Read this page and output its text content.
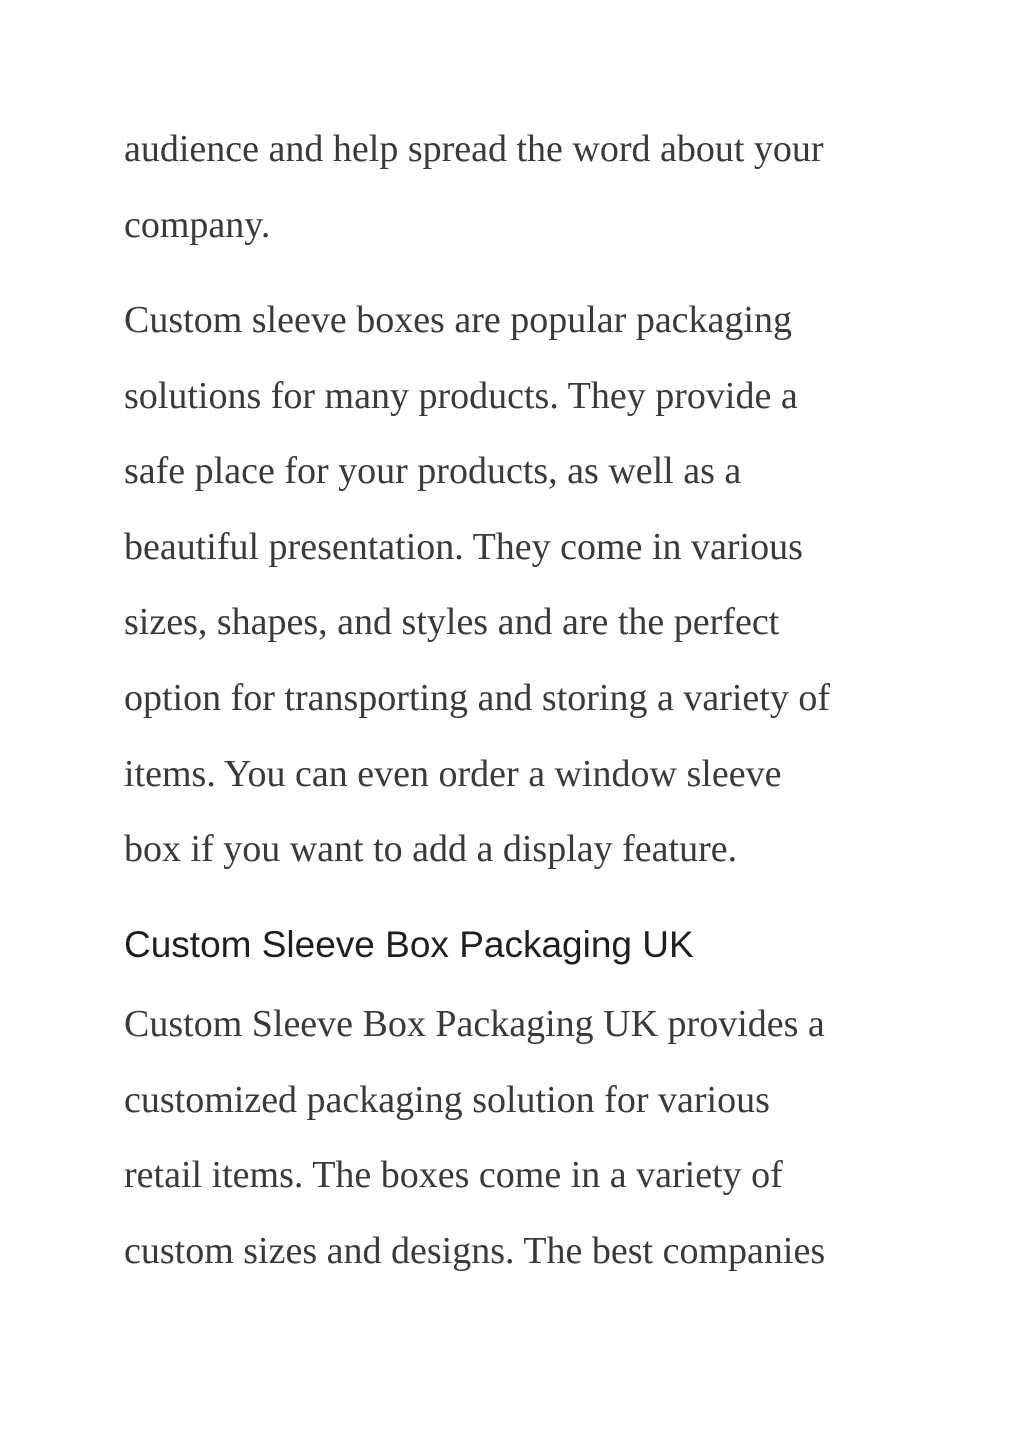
audience and help spread the word about your
company.
Custom sleeve boxes are popular packaging
solutions for many products. They provide a
safe place for your products, as well as a
beautiful presentation. They come in various
sizes, shapes, and styles and are the perfect
option for transporting and storing a variety of
items. You can even order a window sleeve
box if you want to add a display feature.
Custom Sleeve Box Packaging UK
Custom Sleeve Box Packaging UK provides a
customized packaging solution for various
retail items. The boxes come in a variety of
custom sizes and designs. The best companies
